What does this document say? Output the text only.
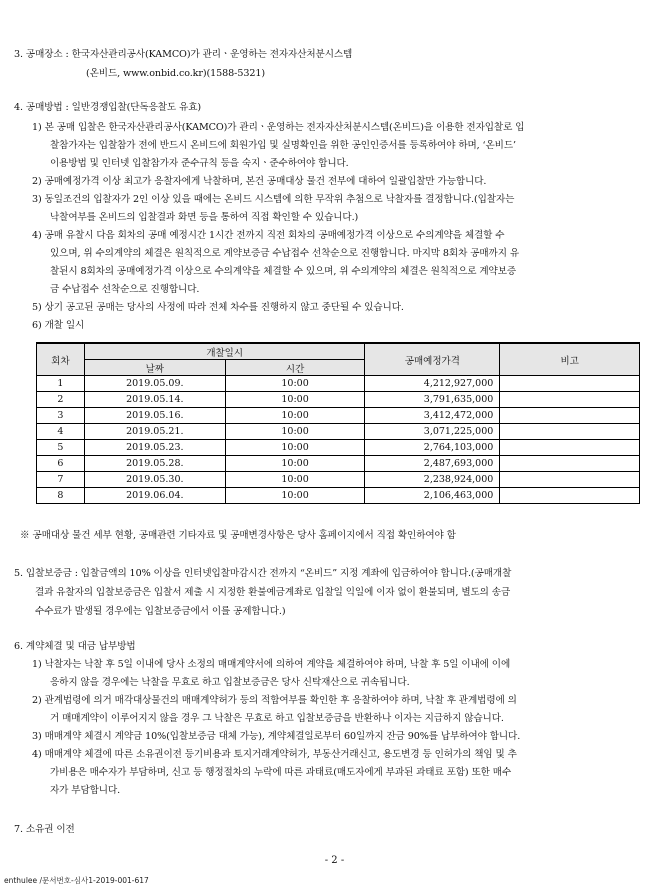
3. 공매장소 : 한국자산관리공사(KAMCO)가 관리ㆍ운영하는 전자자산처분시스템
(온비드, www.onbid.co.kr)(1588-5321)
4. 공매방법 : 일반경쟁입찰(단독응찰도 유효)
1) 본 공매 입찰은 한국자산관리공사(KAMCO)가 관리ㆍ운영하는 전자자산처분시스템(온비드)을 이용한 전자입찰로 입
찰참가자는 입찰참가 전에 반드시 온비드에 회원가입 및 실명확인을 위한 공인인증서를 등록하여야 하며, ‘온비드’
이용방법 및 인터넷 입찰참가자 준수규칙 등을 숙지ㆍ준수하여야 합니다.
2) 공매예정가격 이상 최고가 응찰자에게 낙찰하며, 본건 공매대상 물건 전부에 대하여 일괄입찰만 가능합니다.
3) 동일조건의 입찰자가 2인 이상 있을 때에는 온비드 시스템에 의한 무작위 추첨으로 낙찰자를 결정합니다.(입찰자는
낙찰여부를 온비드의 입찰결과 화면 등을 통하여 직접 확인할 수 있습니다.)
4) 공매 유찰시 다음 회차의 공매 예정시간 1시간 전까지 직전 회차의 공매예정가격 이상으로 수의계약을 체결할 수
있으며, 위 수의계약의 체결은 원칙적으로 계약보증금 수납접수 선착순으로 진행합니다. 마지막 8회차 공매까지 유
찰된시 8회차의 공매예정가격 이상으로 수의계약을 체결할 수 있으며, 위 수의계약의 체결은 원칙적으로 계약보증
금 수납접수 선착순으로 진행합니다.
5) 상기 공고된 공매는 당사의 사정에 따라 전체 차수를 진행하지 않고 중단될 수 있습니다.
6) 개찰 일시
회차	개찰일시		공매예정가격	비고
	날짜	시간		
1	2019.05.09.	10:00	4,212,927,000	
2	2019.05.14.	10:00	3,791,635,000	
3	2019.05.16.	10:00	3,412,472,000	
4	2019.05.21.	10:00	3,071,225,000	
5	2019.05.23.	10:00	2,764,103,000	
6	2019.05.28.	10:00	2,487,693,000	
7	2019.05.30.	10:00	2,238,924,000	
8	2019.06.04.	10:00	2,106,463,000	
※ 공매대상 물건 세부 현황, 공매관련 기타자료 및 공매변경사항은 당사 홈페이지에서 직접 확인하여야 함
5. 입찰보증금 : 입찰금액의 10% 이상을 인터넷입찰마감시간 전까지 “온비드” 지정 계좌에 입금하여야 합니다.(공매개찰
결과 유찰자의 입찰보증금은 입찰서 제출 시 지정한 환불예금계좌로 입찰일 익일에 이자 없이 환불되며, 별도의 송금
수수료가 발생될 경우에는 입찰보증금에서 이를 공제합니다.)
6. 계약체결 및 대금 납부방법
1) 낙찰자는 낙찰 후 5일 이내에 당사 소정의 매매계약서에 의하여 계약을 체결하여야 하며, 낙찰 후 5일 이내에 이에
응하지 않을 경우에는 낙찰을 무효로 하고 입찰보증금은 당사 신탁재산으로 귀속됩니다.
2) 관계법령에 의거 매각대상물건의 매매계약허가 등의 적합여부를 확인한 후 응찰하여야 하며, 낙찰 후 관계법령에 의
거 매매계약이 이루어지지 않을 경우 그 낙찰은 무효로 하고 입찰보증금을 반환하나 이자는 지급하지 않습니다.
3) 매매계약 체결시 계약금 10%(입찰보증금 대체 가능), 계약체결일로부터 60일까지 잔금 90%를 납부하여야 합니다.
4) 매매계약 체결에 따른 소유권이전 등기비용과 토지거래계약허가, 부동산거래신고, 용도변경 등 인허가의 책임 및 추
가비용은 매수자가 부담하며, 신고 등 행정절차의 누락에 따른 과태료(매도자에게 부과된 과태료 포함) 또한 매수
자가 부담합니다.
7. 소유권 이전
- 2 -
enthulee /문서번호-심사1-2019-001-617
